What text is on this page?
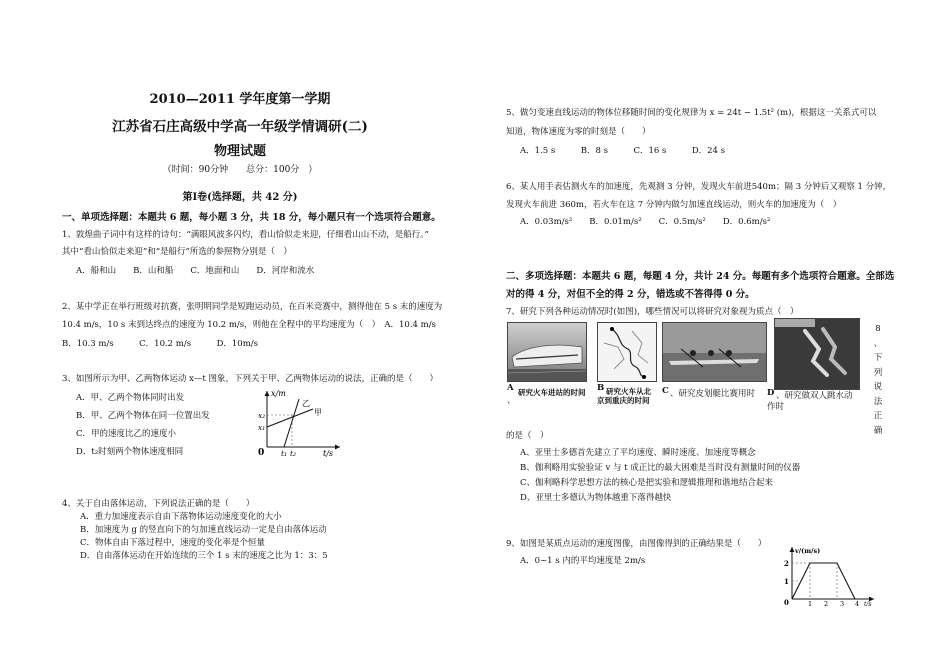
2010—2011 学年度第一学期
江苏省石庄高级中学高一年级学情调研(二)
物理试题
（时间：90分钟　　总分：100分　）
第Ⅰ卷(选择题，共 42 分)
一、单项选择题：本题共 6 题，每小题 3 分，共 18 分，每小题只有一个选项符合题意。
1、敦煌曲子词中有这样的诗句：“满眼风波多闪灼，看山恰似走来迎，仔细看山山不动，是船行。”
其中“看山恰似走来迎”和“是船行”所选的参照物分别是（　）
A．船和山　　B．山和船　　C．地面和山　　D．河岸和流水
2、某中学正在举行班级对抗赛，张明明同学是短跑运动员，在百米竞赛中，测得他在 5 s 末的速度为
10.4 m/s，10 s 末到达终点的速度为 10.2 m/s，则他在全程中的平均速度为（　）　A．10.4 m/s
B．10.3 m/s　　　C．10.2 m/s　　　D．10m/s
3、如图所示为甲、乙两物体运动 x—t 图象，下列关于甲、乙两物体运动的说法，正确的是（　　）
A．甲、乙两个物体同时出发
B．甲、乙两个物体在同一位置出发
C．甲的速度比乙的速度小
D．t₂时刻两个物体速度相同
x/m
x₂
x₁
0 t₁ t₂	t/s
乙
甲
4、关于自由落体运动，下列说法正确的是（　　）
A．重力加速度表示自由下落物体运动速度变化的大小
B．加速度为 g 的竖直向下的匀加速直线运动一定是自由落体运动
C．物体自由下落过程中，速度的变化率是个恒量
D．自由落体运动在开始连续的三个 1 s 末的速度之比为 1：3：5
5、做匀变速直线运动的物体位移随时间的变化规律为 x = 24t − 1.5t² (m)，根据这一关系式可以
知道，物体速度为零的时刻是（　　）
A．1.5 s　　　B．8 s　　　C．16 s　　　D．24 s
6、某人用手表估测火车的加速度，先观测 3 分钟，发现火车前进540m；隔 3 分钟后又观察 1 分钟，
发现火车前进 360m，若火车在这 7 分钟内做匀加速直线运动，则火车的加速度为（　）
A．0.03m/s²　　B．0.01m/s²　　C．0.5m/s²　　D．0.6m/s²
二、多项选择题：本题共 6 题，每题 4 分，共计 24 分。每题有多个选项符合题意。全部选
对的得 4 分，对但不全的得 2 分，错选或不答得得 0 分。
7、研究下列各种运动情况时(如图)，哪些情况可以将研究对象视为质点（　）
A 研究火车进站的时间
、
B 研究火车从北
京到重庆的时间
C 、研究皮划艇比赛用时 D 、研究做双人跳水动
作时
8
、
下
列
说
法
正
确
的是（　）
A、亚里士多德首先建立了平均速度、瞬时速度、加速度等概念
B、伽利略用实验验证 v 与 t 成正比的最大困难是当时没有测量时间的仪器
C、伽利略科学思想方法的核心是把实验和逻辑推理和谐地结合起来
D、亚里士多德认为物体越重下落得越快
9、如图是某质点运动的速度图像，由图像得到的正确结果是（　　）
A．0~1 s 内的平均速度是 2m/s
v/(m/s)
2
1
0	1 2 3 4 t/s
